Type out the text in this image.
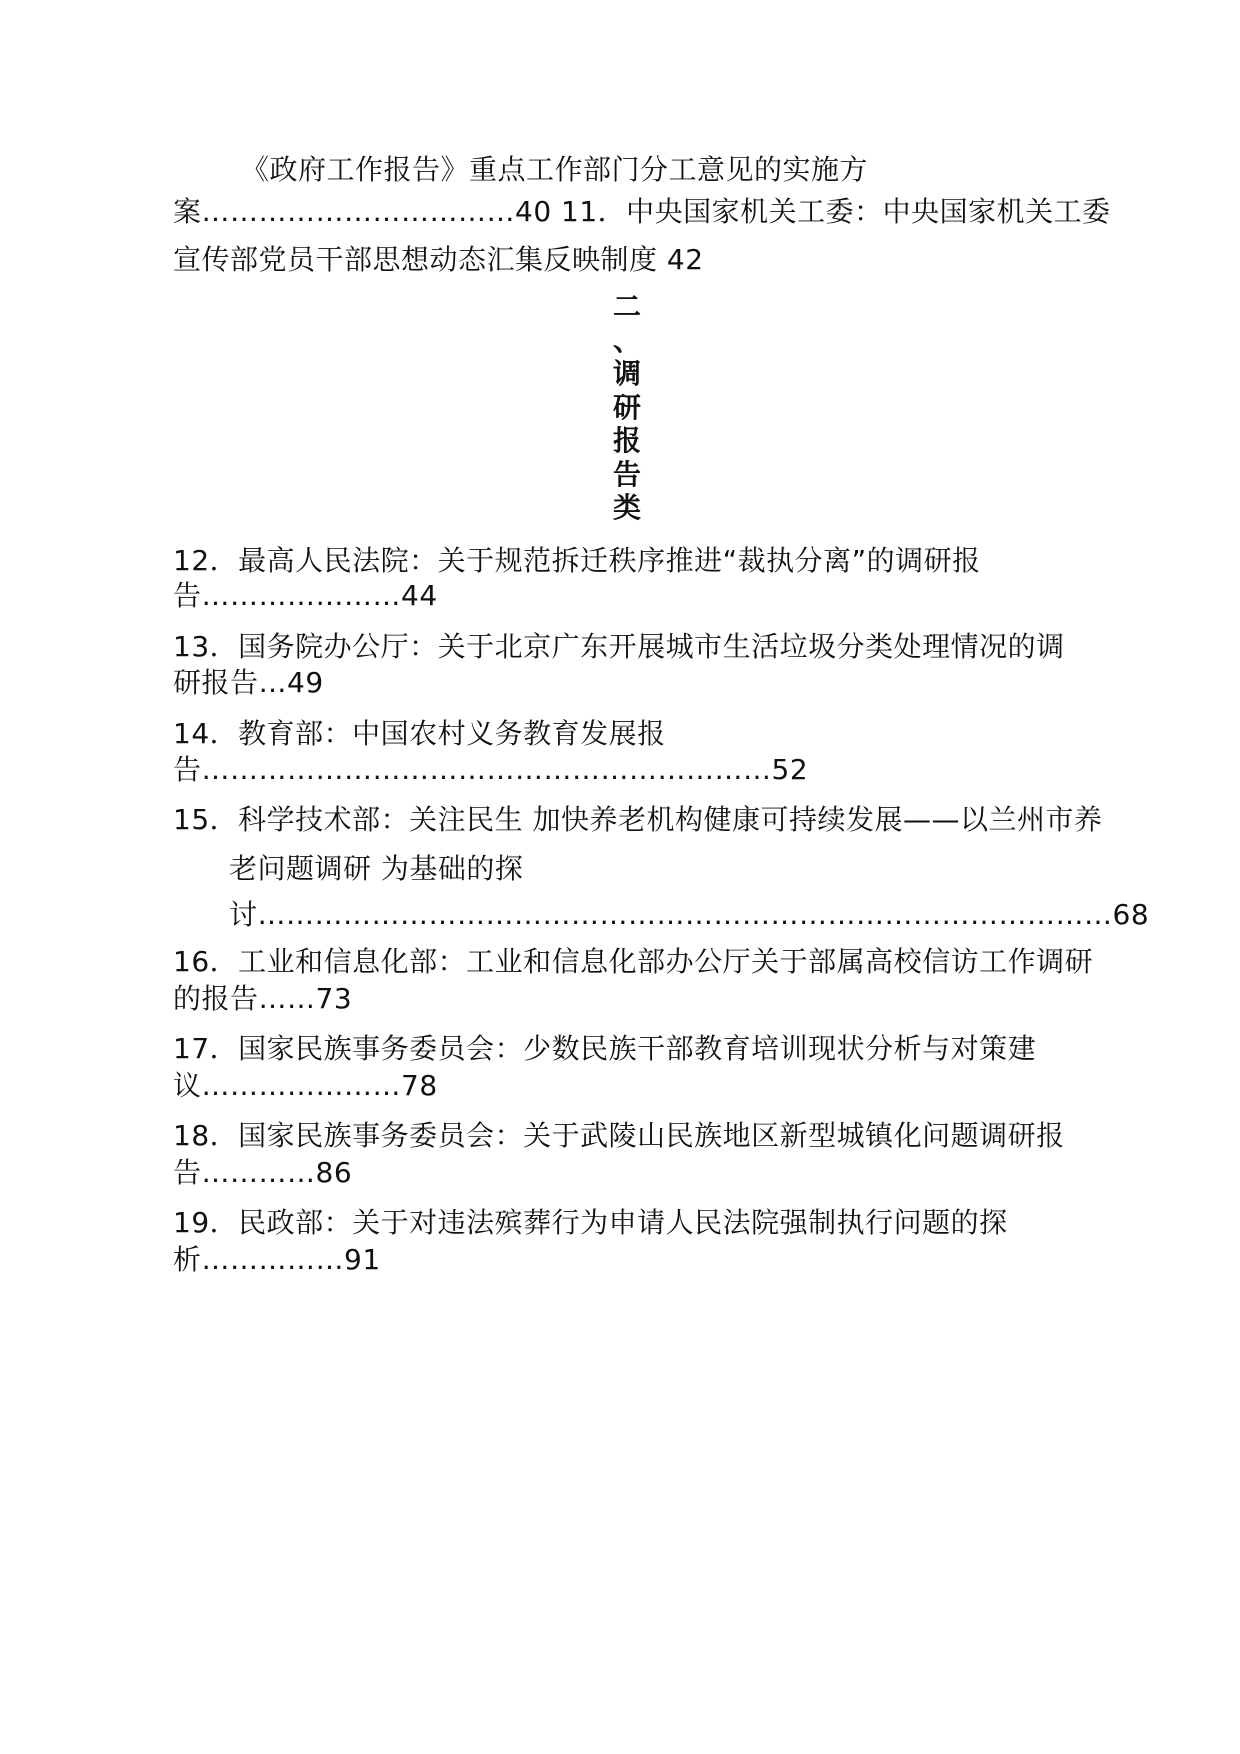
《政府工作报告》重点工作部门分工意见的实施方
案……………………………40 11．中央国家机关工委：中央国家机关工委
宣传部党员干部思想动态汇集反映制度 42
二
、
调
研
报
告
类
12．最高人民法院：关于规范拆迁秩序推进“裁执分离”的调研报
告…………………44
13．国务院办公厅：关于北京广东开展城市生活垃圾分类处理情况的调
研报告…49
14．教育部：中国农村义务教育发展报
告……………………………………………………52
15．科学技术部：关注民生 加快养老机构健康可持续发展——以兰州市养
老问题调研 为基础的探
讨………………………………………………………………………………68
16．工业和信息化部：工业和信息化部办公厅关于部属高校信访工作调研
的报告……73
17．国家民族事务委员会：少数民族干部教育培训现状分析与对策建
议…………………78
18．国家民族事务委员会：关于武陵山民族地区新型城镇化问题调研报
告…………86
19．民政部：关于对违法殡葬行为申请人民法院强制执行问题的探
析……………91
